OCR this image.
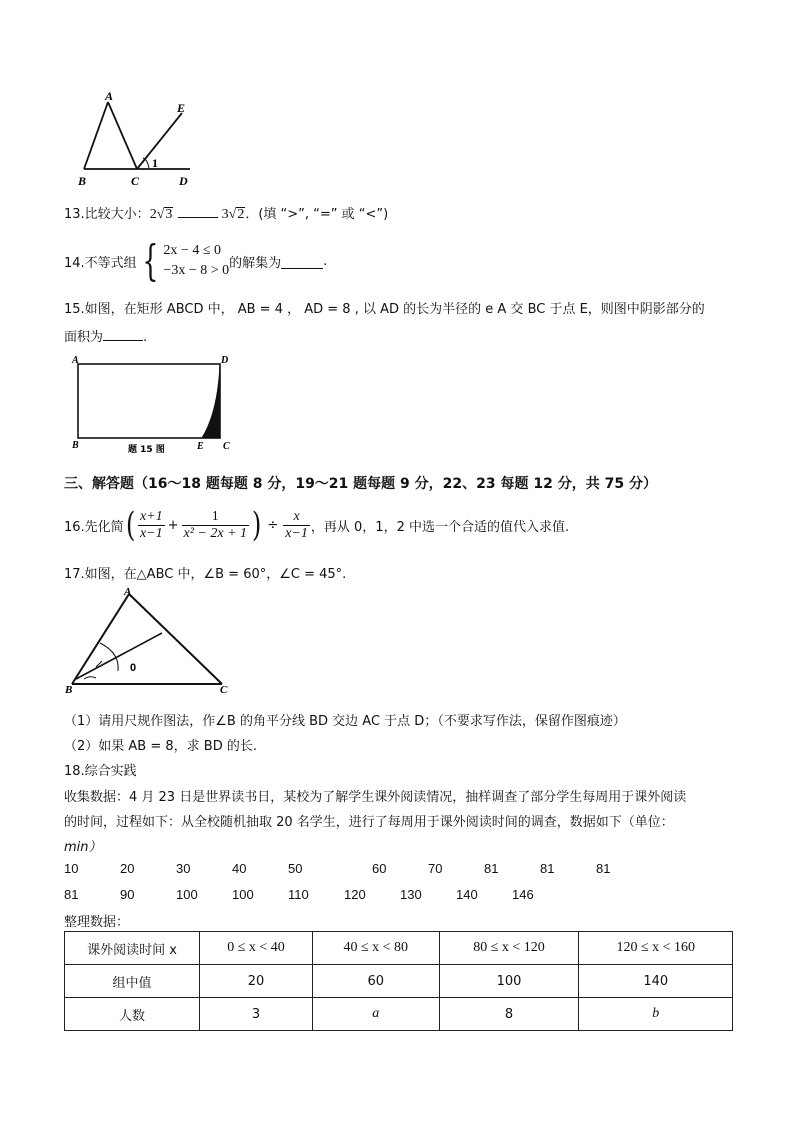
A
E
1
B	C	D
13.比较大小：2√3	3√2．(填 “>”, “=” 或 “<”)
14.不等式组 { 2x − 4 ≤ 0
−3x − 8 > 0 的解集为	.
15.如图，在矩形 ABCD 中， AB = 4 ， AD = 8 , 以 AD 的长为半径的 e A 交 BC 于点 E，则图中阴影部分的
面积为	.
A	D
B	E C
题 15 图
三、解答题（16～18 题每题 8 分，19～21 题每题 9 分，22、23 每题 12 分，共 75 分）
16.先化简 ( $\frac{x+1}{x-1} + \frac{1}{\text{x² − 2x + 1}}$ ) ÷ $\frac{x}{x-1}$ ，再从 0，1，2 中选一个合适的值代入求值.
17.如图，在△ABC 中，∠B = 60°，∠C = 45°.
A
0
B	C
（1）请用尺规作图法，作∠B 的角平分线 BD 交边 AC 于点 D；（不要求写作法，保留作图痕迹）
（2）如果 AB = 8，求 BD 的长.
18.综合实践
收集数据：4 月 23 日是世界读书日，某校为了解学生课外阅读情况，抽样调查了部分学生每周用于课外阅读
的时间，过程如下：从全校随机抽取 20 名学生，进行了每周用于课外阅读时间的调查，数据如下（单位：
min）
10	20	30	40	50	60	70	81	81	81
81	90	100	100	110	120	130	140	146
整理数据：
课外阅读时间 x	0 ≤ x < 40	40 ≤ x < 80	80 ≤ x < 120	120 ≤ x < 160
组中值	20	60	100	140
人数	3	a	8	b
